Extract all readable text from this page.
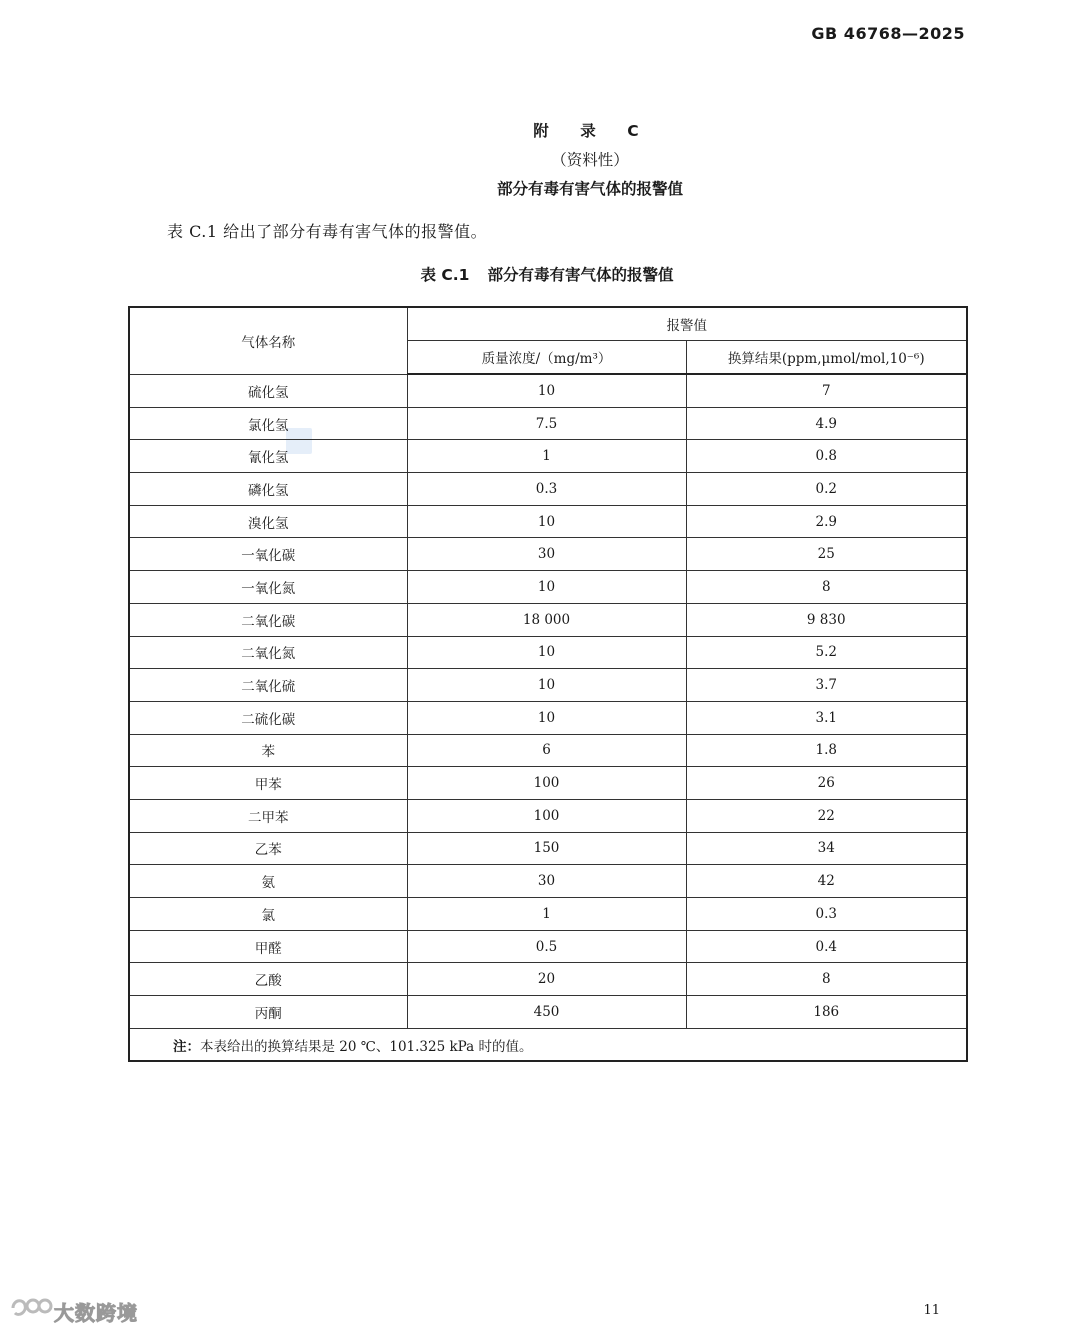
GB 46768—2025
附　录　C
（资料性）
部分有毒有害气体的报警值
表 C.1 给出了部分有毒有害气体的报警值。
表 C.1 部分有毒有害气体的报警值
气体名称	报警值	
	质量浓度/（mg/m³）	换算结果(ppm,μmol/mol,10⁻⁶)
硫化氢	10	7
氯化氢	7.5	4.9
氰化氢	1	0.8
磷化氢	0.3	0.2
溴化氢	10	2.9
一氧化碳	30	25
一氧化氮	10	8
二氧化碳	18 000	9 830
二氧化氮	10	5.2
二氧化硫	10	3.7
二硫化碳	10	3.1
苯	6	1.8
甲苯	100	26
二甲苯	100	22
乙苯	150	34
氨	30	42
氯	1	0.3
甲醛	0.5	0.4
乙酸	20	8
丙酮	450	186
注：本表给出的换算结果是 20 ℃、101.325 kPa 时的值。		
大数跨境	11
